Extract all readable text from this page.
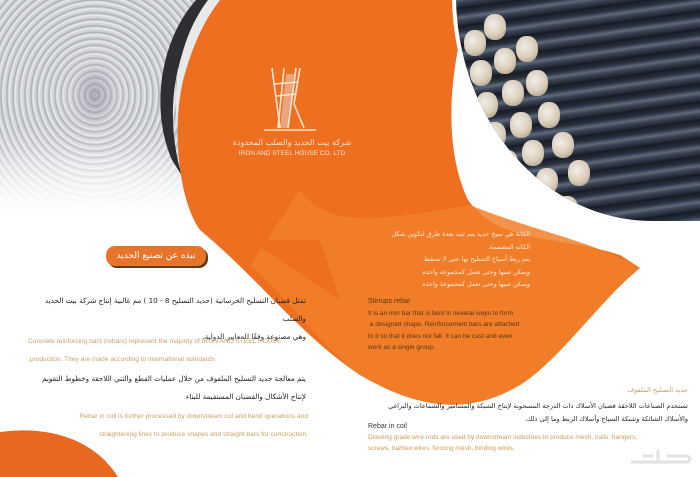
شركة بيت الحديد والصلب المحدودة
IRON AND STEEL HOUSE CO. LTD
نبذه عن تصنيع الحديد
تمثل قضبان التسليح الخرسانية (حديد التسليح 8 - 10 ) مم غالبية إنتاج شركة بيت الحديد والصلب
وهي مصنوعة وفقًا للمعايير الدولية.
Concrete reinforcing bars (rebars) represent the majority of IRON AND STEEL HOUSE
.production. They are made according to international standards
يتم معالجة حديد التسليح الملفوف من خلال عمليات القطع والثني اللاحقة وخطوط التقويم
لإنتاج الأشكال والقضبان المستقيمة للبناء
Rebar in coil is further processed by downstream cut and bend operations and
straightening lines to produce shapes and straight bars for construction.
الكانة هي سيخ حديد يتم ثنيه بعدة طرق لتكوين شكل
الكانه المصممة.
يتم ربط أسياخ التسليح بها حتى لا تسقط
ويمكن صبها وحتى تعمل كمجموعة واحده
ويمكن صبها وحتى تعمل كمجموعة واحده
Stirrups rebar
It is an iron bar that is bent in several ways to form
a designed shape. Reinforcement bars are attached
to it so that it does not fall. It can be cast and even
work as a single group.
حديد التسليح الملفوف
تستخدم الصناعات اللاحقة قضبان الأسلاك ذات الدرجة المسحوبة لإنتاج الشبكة والمسامير والشماعات والبراغي
والأسلاك الشائكة وشبكة السياج وأسلاك الربط وما إلى ذلك.
Rebar in coil
Drawing grade wire rods are used by downstream industries to produce mesh, nails, hangers,
screws, barbed wires, fencing mesh, binding wires.
